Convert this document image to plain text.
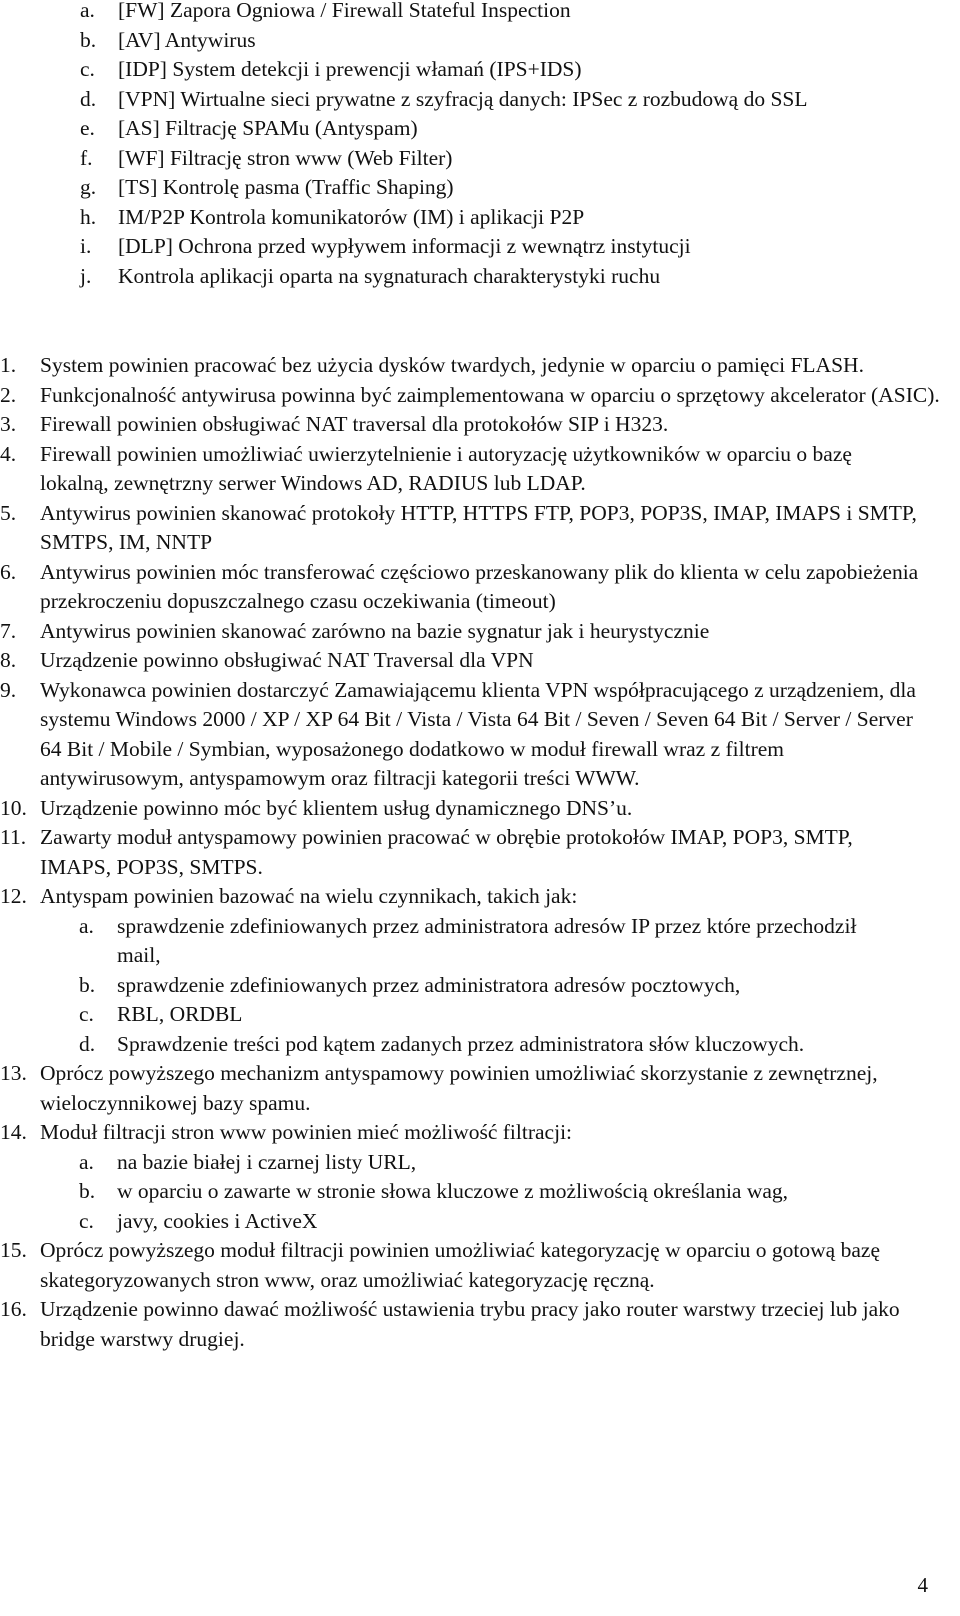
a. [FW] Zapora Ogniowa / Firewall Stateful Inspection
b. [AV] Antywirus
c. [IDP] System detekcji i prewencji włamań (IPS+IDS)
d. [VPN] Wirtualne sieci prywatne z szyfracją danych: IPSec z rozbudową do SSL
e. [AS] Filtrację SPAMu (Antyspam)
f. [WF] Filtrację stron www (Web Filter)
g. [TS] Kontrolę pasma (Traffic Shaping)
h. IM/P2P Kontrola komunikatorów (IM) i aplikacji P2P
i. [DLP] Ochrona przed wypływem informacji z wewnątrz instytucji
j. Kontrola aplikacji oparta na sygnaturach charakterystyki ruchu
1. System powinien pracować bez użycia dysków twardych, jedynie w oparciu o pamięci FLASH.
2. Funkcjonalność antywirusa powinna być zaimplementowana w oparciu o sprzętowy akcelerator (ASIC).
3. Firewall powinien obsługiwać NAT traversal dla protokołów SIP i H323.
4. Firewall powinien umożliwiać uwierzytelnienie i autoryzację użytkowników w oparciu o bazę lokalną, zewnętrzny serwer Windows AD, RADIUS lub LDAP.
5. Antywirus powinien skanować protokoły HTTP, HTTPS FTP, POP3, POP3S, IMAP, IMAPS i SMTP, SMTPS, IM, NNTP
6. Antywirus powinien móc transferować częściowo przeskanowany plik do klienta w celu zapobieżenia przekroczeniu dopuszczalnego czasu oczekiwania (timeout)
7. Antywirus powinien skanować zarówno na bazie sygnatur jak i heurystycznie
8. Urządzenie powinno obsługiwać NAT Traversal dla VPN
9. Wykonawca powinien dostarczyć Zamawiającemu klienta VPN współpracującego z urządzeniem, dla systemu Windows 2000 / XP / XP 64 Bit / Vista / Vista 64 Bit / Seven / Seven 64 Bit / Server / Server 64 Bit / Mobile / Symbian, wyposażonego dodatkowo w moduł firewall wraz z filtrem antywirusowym, antyspamowym oraz filtracji kategorii treści WWW.
10. Urządzenie powinno móc być klientem usług dynamicznego DNS’u.
11. Zawarty moduł antyspamowy powinien pracować w obrębie protokołów IMAP, POP3, SMTP, IMAPS, POP3S, SMTPS.
12. Antyspam powinien bazować na wielu czynnikach, takich jak:
a. sprawdzenie zdefiniowanych przez administratora adresów IP przez które przechodził mail,
b. sprawdzenie zdefiniowanych przez administratora adresów pocztowych,
c. RBL, ORDBL
d. Sprawdzenie treści pod kątem zadanych przez administratora słów kluczowych.
13. Oprócz powyższego mechanizm antyspamowy powinien umożliwiać skorzystanie z zewnętrznej, wieloczynnikowej bazy spamu.
14. Moduł filtracji stron www powinien mieć możliwość filtracji:
a. na bazie białej i czarnej listy URL,
b. w oparciu o zawarte w stronie słowa kluczowe z możliwością określania wag,
c. javy, cookies i ActiveX
15. Oprócz powyższego moduł filtracji powinien umożliwiać kategoryzację w oparciu o gotową bazę skategoryzowanych stron www, oraz umożliwiać kategoryzację ręczną.
16. Urządzenie powinno dawać możliwość ustawienia trybu pracy jako router warstwy trzeciej lub jako bridge warstwy drugiej.
4
